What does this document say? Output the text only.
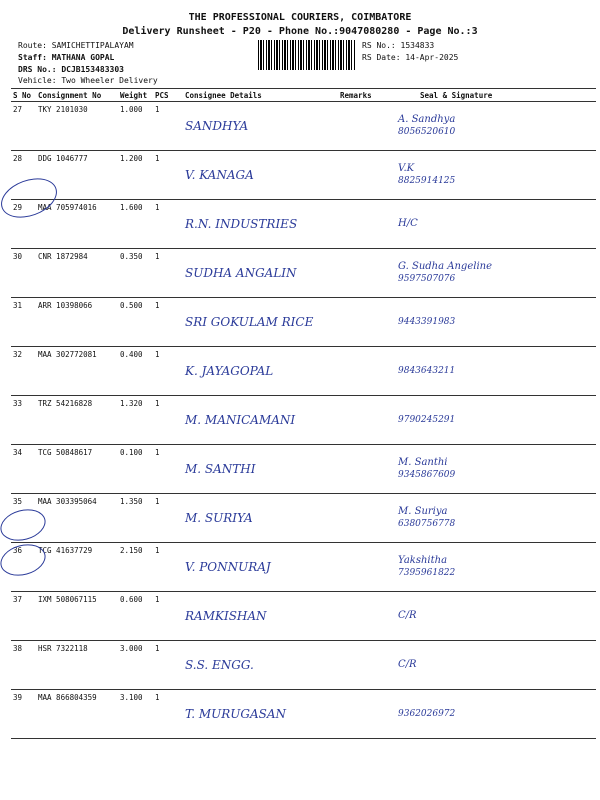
THE PROFESSIONAL COURIERS, COIMBATORE
Delivery Runsheet - P20 - Phone No.:9047080280 - Page No.:3
Route: SAMICHETTIPALAYAM
Staff: MATHANA GOPAL
DRS No.: DCJB153483303
Vehicle: Two Wheeler Delivery
RS No.: 1534833
RS Date: 14-Apr-2025
S No	Consignment No	Weight	PCS	Consignee Details	Remarks	Seal & Signature
27	TKY 2101030	1.000	1	SANDHYA		A. Sandhya
8056520610

28	DDG 1046777	1.200	1	V. KANAGA		V.K
8825914125

29	MAA 705974016	1.600	1	R.N. INDUSTRIES		H/C

30	CNR 1872984	0.350	1	SUDHA ANGALIN		G. Sudha Angeline
9597507076

31	ARR 10398066	0.500	1	SRI GOKULAM RICE		9443391983

32	MAA 302772081	0.400	1	K. JAYAGOPAL		9843643211

33	TRZ 54216828	1.320	1	M. MANICAMANI		9790245291

34	TCG 50848617	0.100	1	M. SANTHI		M. Santhi
9345867609

35	MAA 303395064	1.350	1	M. SURIYA		M. Suriya
6380756778

36	TCG 41637729	2.150	1	V. PONNURAJ		Yakshitha
7395961822

37	IXM 508067115	0.600	1	RAMKISHAN		C/R

38	HSR 7322118	3.000	1	S.S. ENGG.		C/R

39	MAA 866804359	3.100	1	T. MURUGASAN		9362026972
